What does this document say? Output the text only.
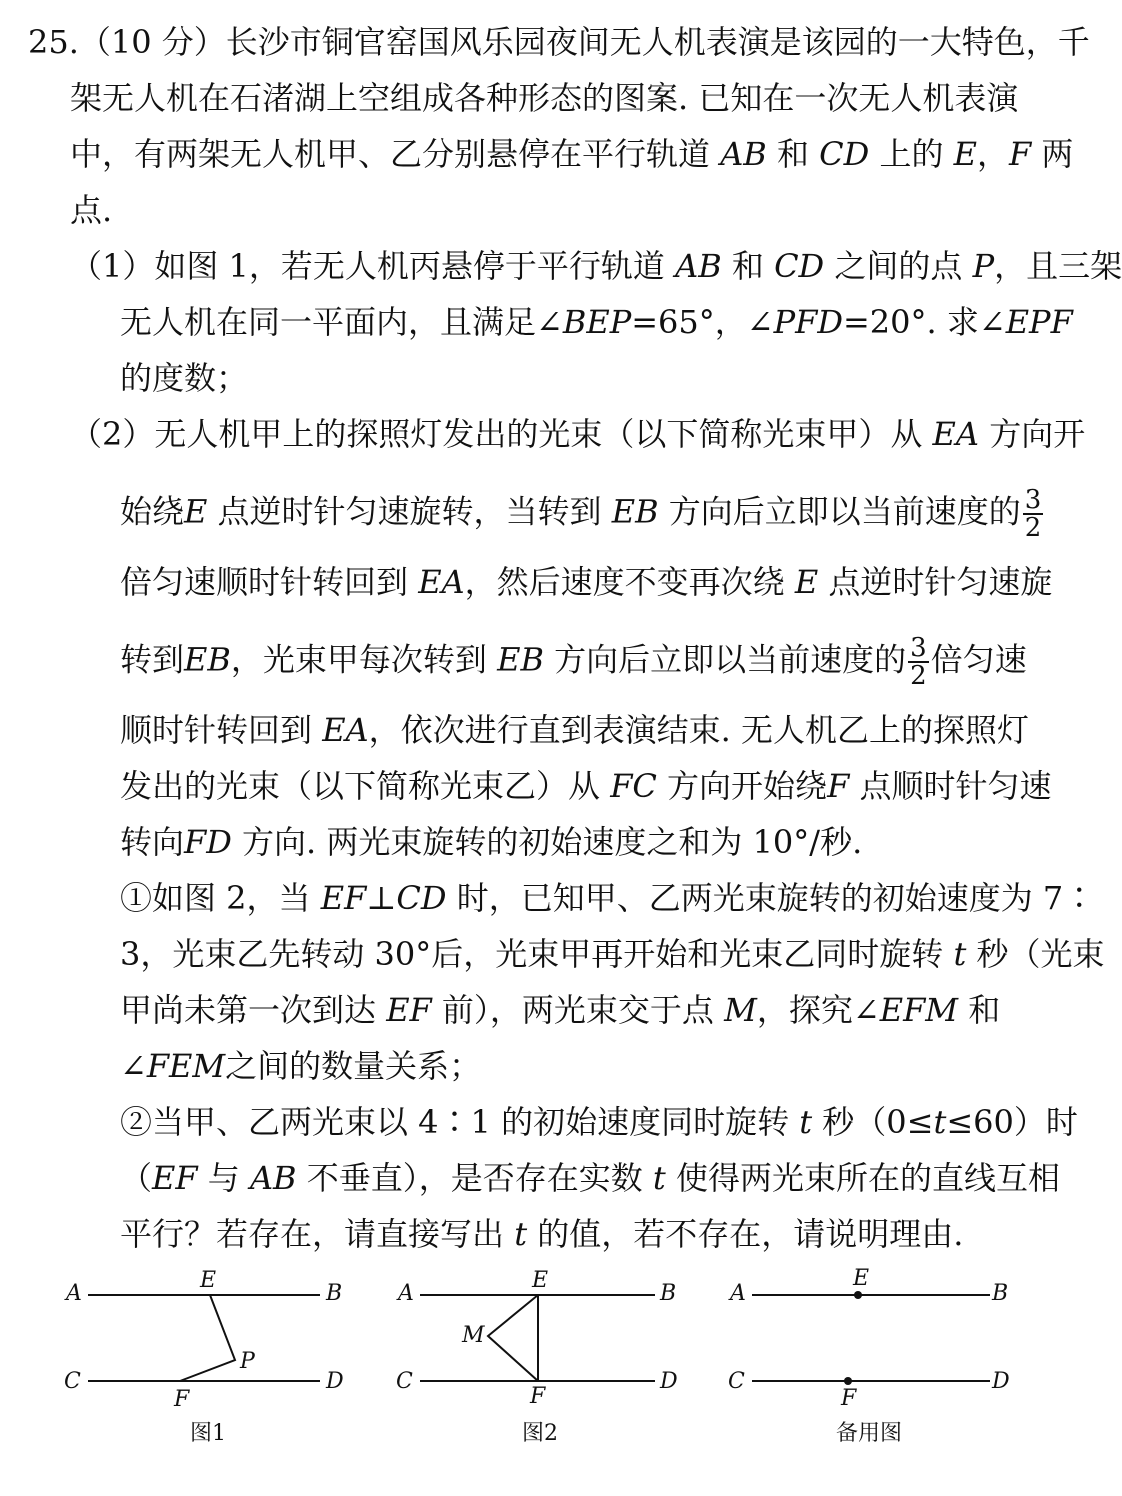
25.（10 分）长沙市铜官窑国风乐园夜间无人机表演是该园的一大特色，千
架无人机在石渚湖上空组成各种形态的图案. 已知在一次无人机表演
中，有两架无人机甲、乙分别悬停在平行轨道 AB 和 CD 上的 E，F 两
点.
（1）如图 1，若无人机丙悬停于平行轨道 AB 和 CD 之间的点 P，且三架
无人机在同一平面内，且满足∠BEP=65°，∠PFD=20°. 求∠EPF
的度数；
（2）无人机甲上的探照灯发出的光束（以下简称光束甲）从 EA 方向开
始绕E 点逆时针匀速旋转，当转到 EB 方向后立即以当前速度的 $\frac{3}{2}$
倍匀速顺时针转回到 EA，然后速度不变再次绕 E 点逆时针匀速旋
转到EB，光束甲每次转到 EB 方向后立即以当前速度的 $\frac{3}{2}$ 倍匀速
顺时针转回到 EA，依次进行直到表演结束. 无人机乙上的探照灯
发出的光束（以下简称光束乙）从 FC 方向开始绕F 点顺时针匀速
转向FD 方向. 两光束旋转的初始速度之和为 10°/秒.
①如图 2，当 EF⊥CD 时，已知甲、乙两光束旋转的初始速度为 7∶
3，光束乙先转动 30°后，光束甲再开始和光束乙同时旋转 t 秒（光束
甲尚未第一次到达 EF 前），两光束交于点 M，探究∠EFM 和
∠FEM之间的数量关系；
②当甲、乙两光束以 4∶1 的初始速度同时旋转 t 秒（0≤t≤60）时
（EF 与 AB 不垂直），是否存在实数 t 使得两光束所在的直线互相
平行？若存在，请直接写出 t 的值，若不存在，请说明理由.
A	B
C	D
E
F
P
A	B
C	D
E
F
M
A	B
C	D
E
F
图1	图2	备用图
